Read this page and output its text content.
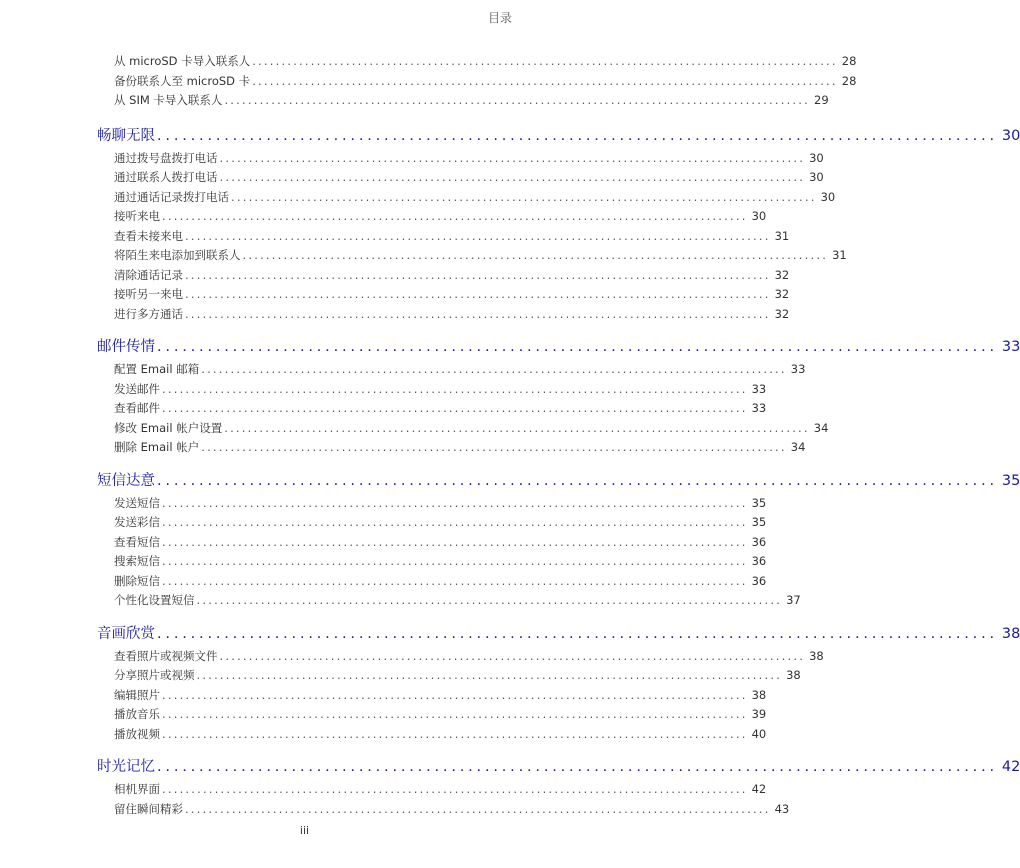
目录
从 microSD 卡导入联系人 .................................................................................................... 28
备份联系人至 microSD 卡 .................................................................................................... 28
从 SIM 卡导入联系人 .................................................................................................... 29
畅聊无限 .................................................................................................... 30
通过拨号盘拨打电话 .................................................................................................... 30
通过联系人拨打电话 .................................................................................................... 30
通过通话记录拨打电话 .................................................................................................... 30
接听来电 .................................................................................................... 30
查看未接来电 .................................................................................................... 31
将陌生来电添加到联系人 .................................................................................................... 31
清除通话记录 .................................................................................................... 32
接听另一来电 .................................................................................................... 32
进行多方通话 .................................................................................................... 32
邮件传情 .................................................................................................... 33
配置 Email 邮箱 .................................................................................................... 33
发送邮件 .................................................................................................... 33
查看邮件 .................................................................................................... 33
修改 Email 帐户设置 .................................................................................................... 34
删除 Email 帐户 .................................................................................................... 34
短信达意 .................................................................................................... 35
发送短信 .................................................................................................... 35
发送彩信 .................................................................................................... 35
查看短信 .................................................................................................... 36
搜索短信 .................................................................................................... 36
删除短信 .................................................................................................... 36
个性化设置短信 .................................................................................................... 37
音画欣赏 .................................................................................................... 38
查看照片或视频文件 .................................................................................................... 38
分享照片或视频 .................................................................................................... 38
编辑照片 .................................................................................................... 38
播放音乐 .................................................................................................... 39
播放视频 .................................................................................................... 40
时光记忆 .................................................................................................... 42
相机界面 .................................................................................................... 42
留住瞬间精彩 .................................................................................................... 43
iii
